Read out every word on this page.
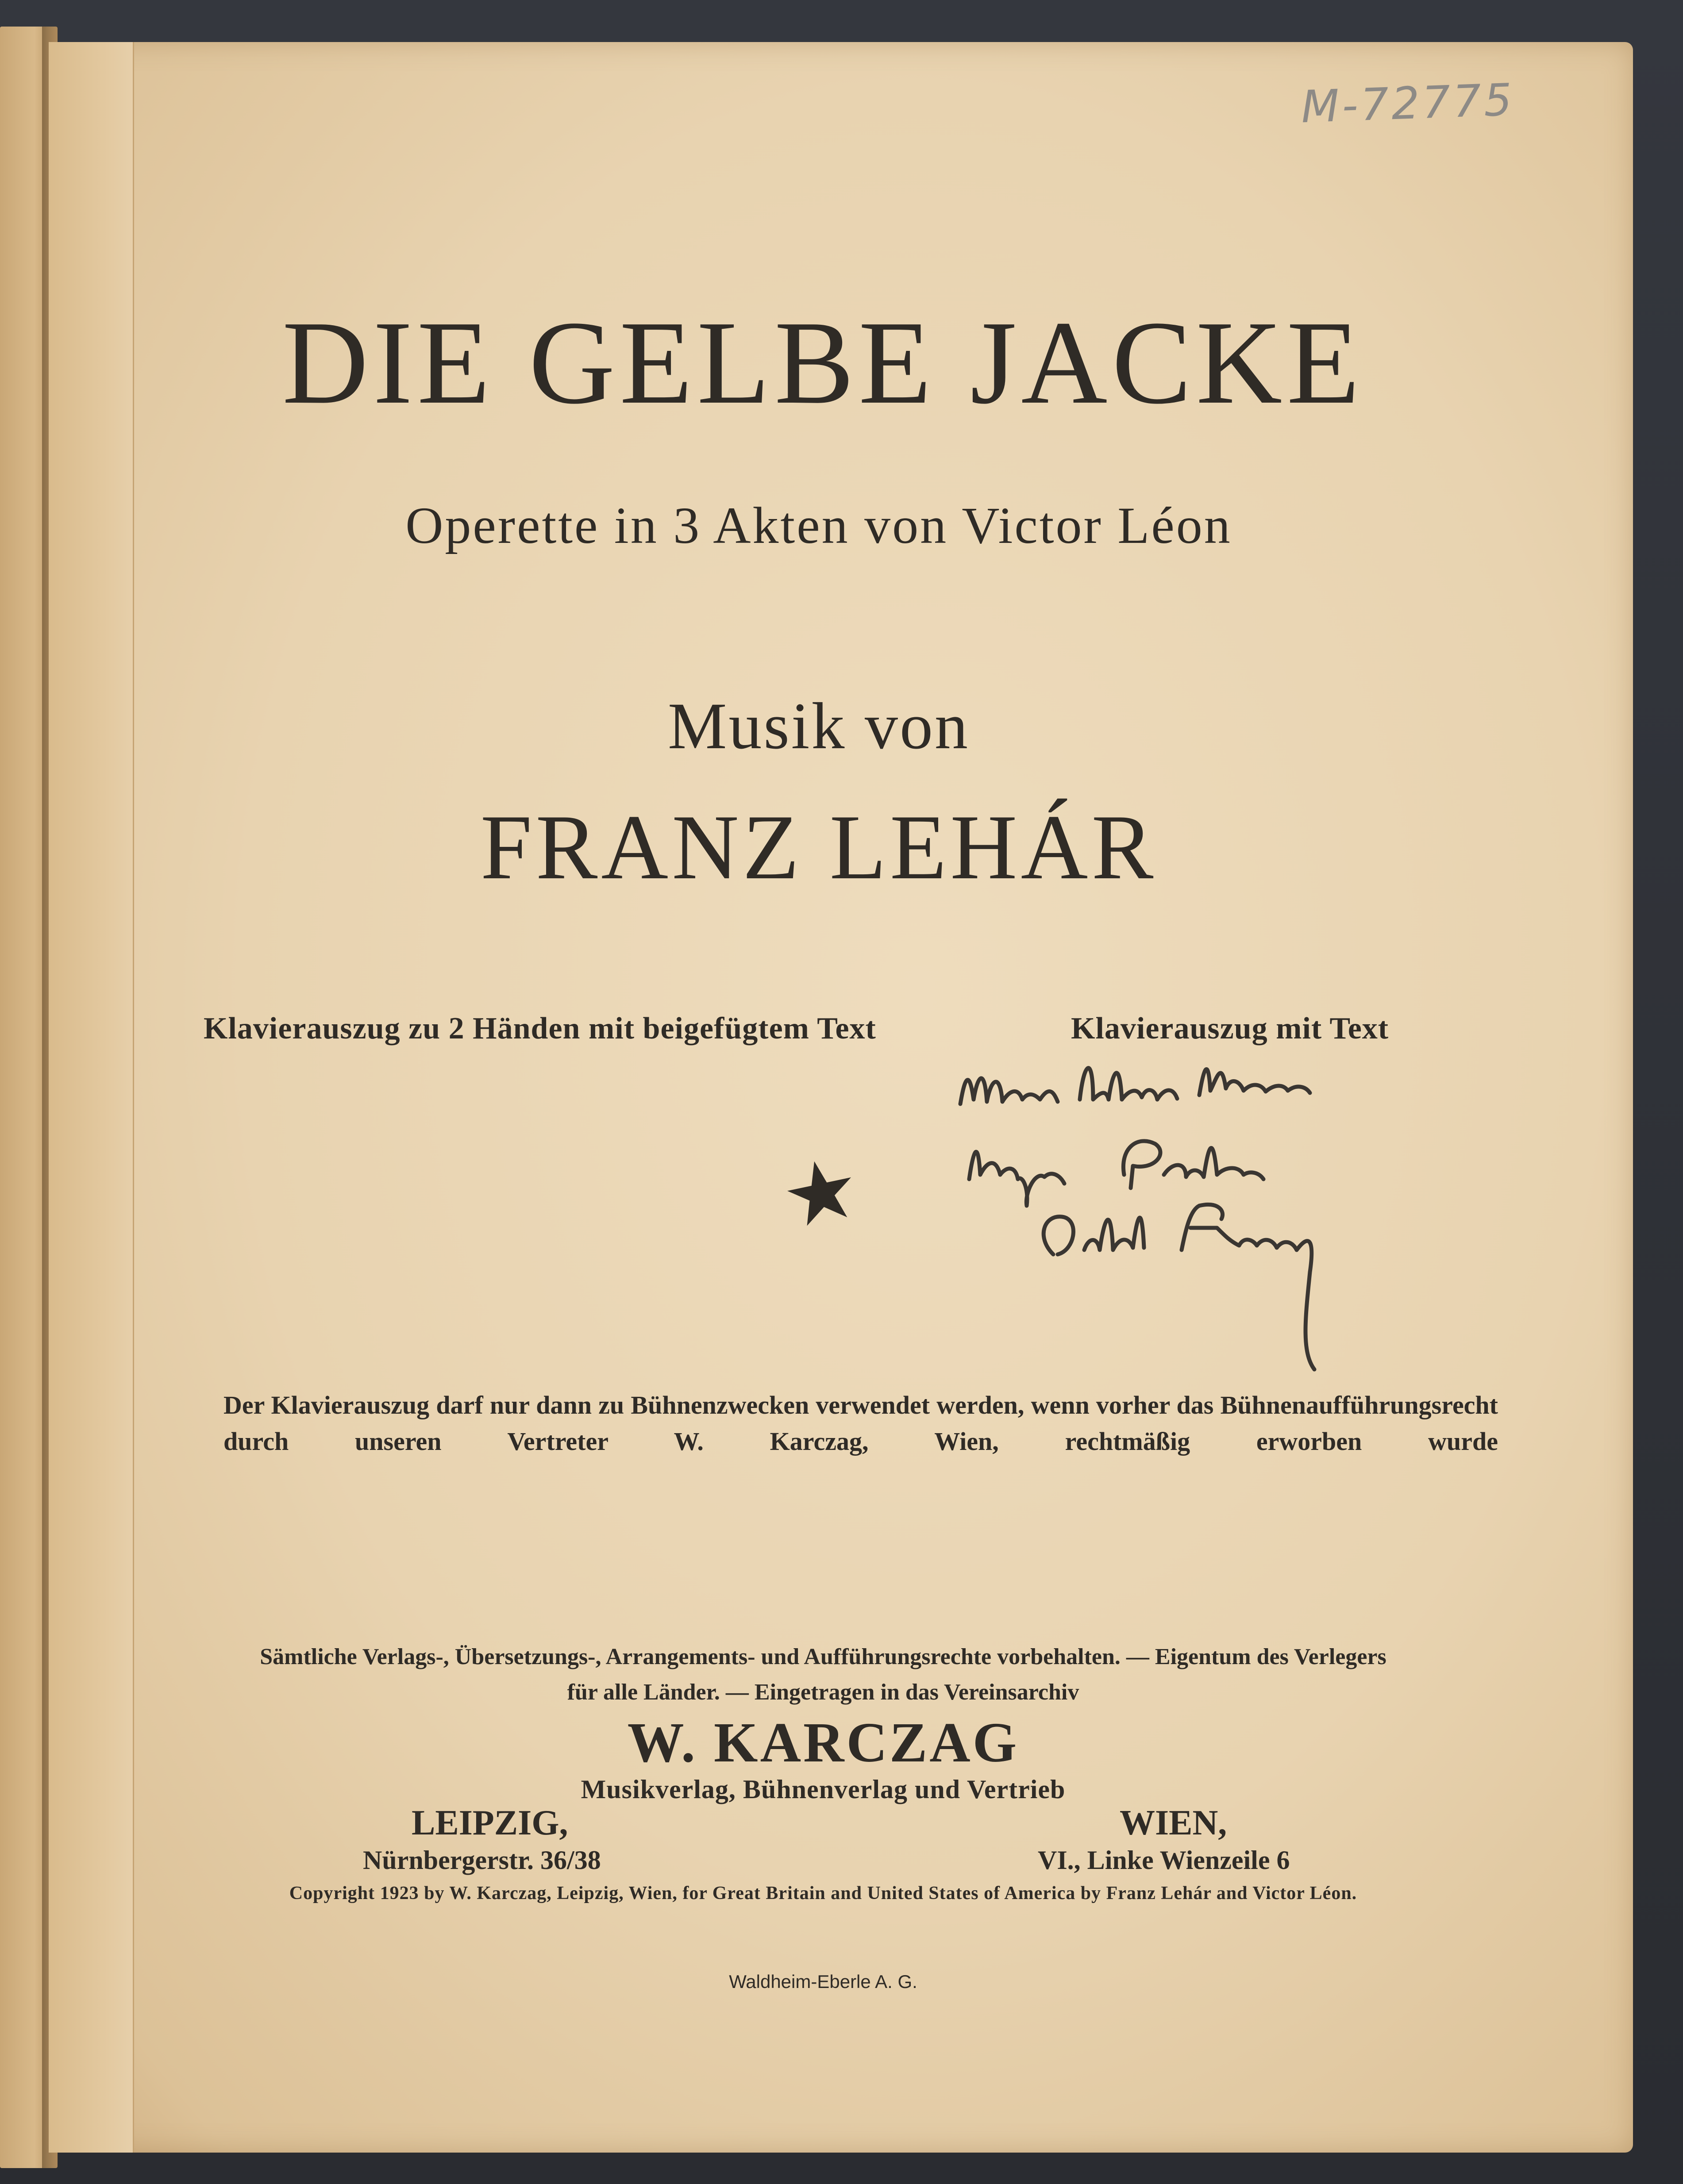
M-72775
DIE GELBE JACKE
Operette in 3 Akten von Victor Léon
Musik von
FRANZ LEHÁR
Klavierauszug zu 2 Händen mit beigefügtem Text	Klavierauszug mit Text
Der Klavierauszug darf nur dann zu Bühnenzwecken verwendet werden, wenn vorher das Bühnenaufführungsrecht durch unseren Vertreter W. Karczag, Wien, rechtmäßig erworben wurde
Sämtliche Verlags-, Übersetzungs-, Arrangements- und Aufführungsrechte vorbehalten. — Eigentum des Verlegers
für alle Länder. — Eingetragen in das Vereinsarchiv
W. KARCZAG
Musikverlag, Bühnenverlag und Vertrieb
LEIPZIG,	WIEN,
Nürnbergerstr. 36/38	VI., Linke Wienzeile 6
Copyright 1923 by W. Karczag, Leipzig, Wien, for Great Britain and United States of America by Franz Lehár and Victor Léon.
Waldheim-Eberle A. G.
